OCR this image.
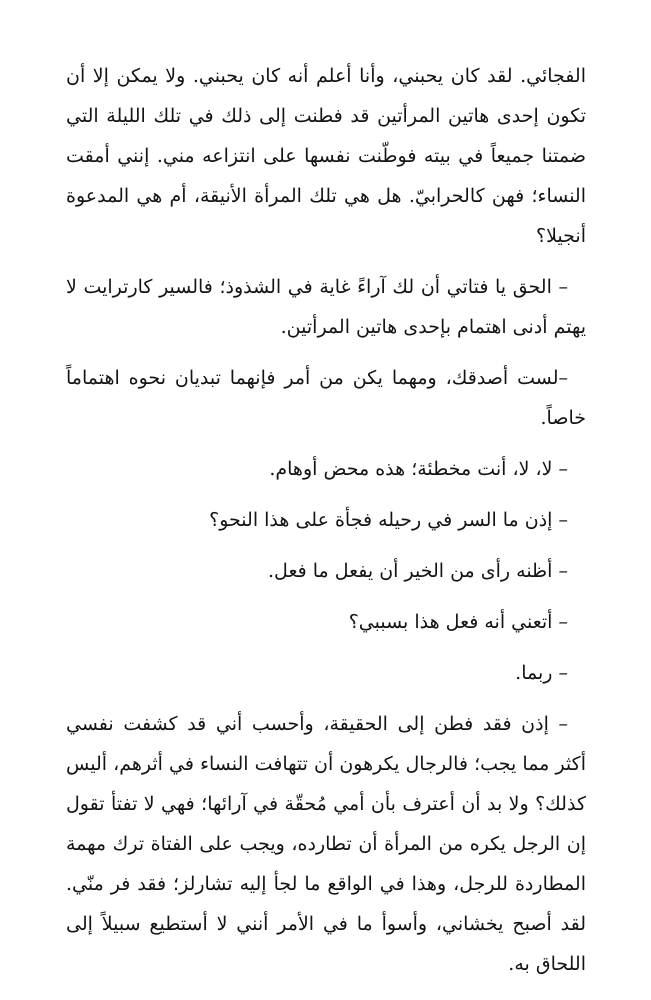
الفجائي. لقد كان يحبني، وأنا أعلم أنه كان يحبني. ولا يمكن إلا أن تكون إحدى هاتين المرأتين قد فطنت إلى ذلك في تلك الليلة التي ضمتنا جميعاً في بيته فوطّنت نفسها على انتزاعه مني. إنني أمقت النساء؛ فهن كالحرابيّ. هل هي تلك المرأة الأنيقة، أم هي المدعوة أنجيلا؟

– الحق يا فتاتي أن لك آراءً غاية في الشذوذ؛ فالسير كارترايت لا يهتم أدنى اهتمام بإحدى هاتين المرأتين.

–لست أصدقك، ومهما يكن من أمر فإنهما تبديان نحوه اهتماماً خاصاً.

– لا، لا، أنت مخطئة؛ هذه محض أوهام.

– إذن ما السر في رحيله فجأة على هذا النحو؟

– أظنه رأى من الخير أن يفعل ما فعل.

– أتعني أنه فعل هذا بسببي؟

– ربما.

– إذن فقد فطن إلى الحقيقة، وأحسب أني قد كشفت نفسي أكثر مما يجب؛ فالرجال يكرهون أن تتهافت النساء في أثرهم، أليس كذلك؟ ولا بد أن أعترف بأن أمي مُحقّة في آرائها؛ فهي لا تفتأ تقول إن الرجل يكره من المرأة أن تطارده، ويجب على الفتاة ترك مهمة المطاردة للرجل، وهذا في الواقع ما لجأ إليه تشارلز؛ فقد فر منّي. لقد أصبح يخشاني، وأسوأ ما في الأمر أنني لا أستطيع سبيلاً إلى اللحاق به.
